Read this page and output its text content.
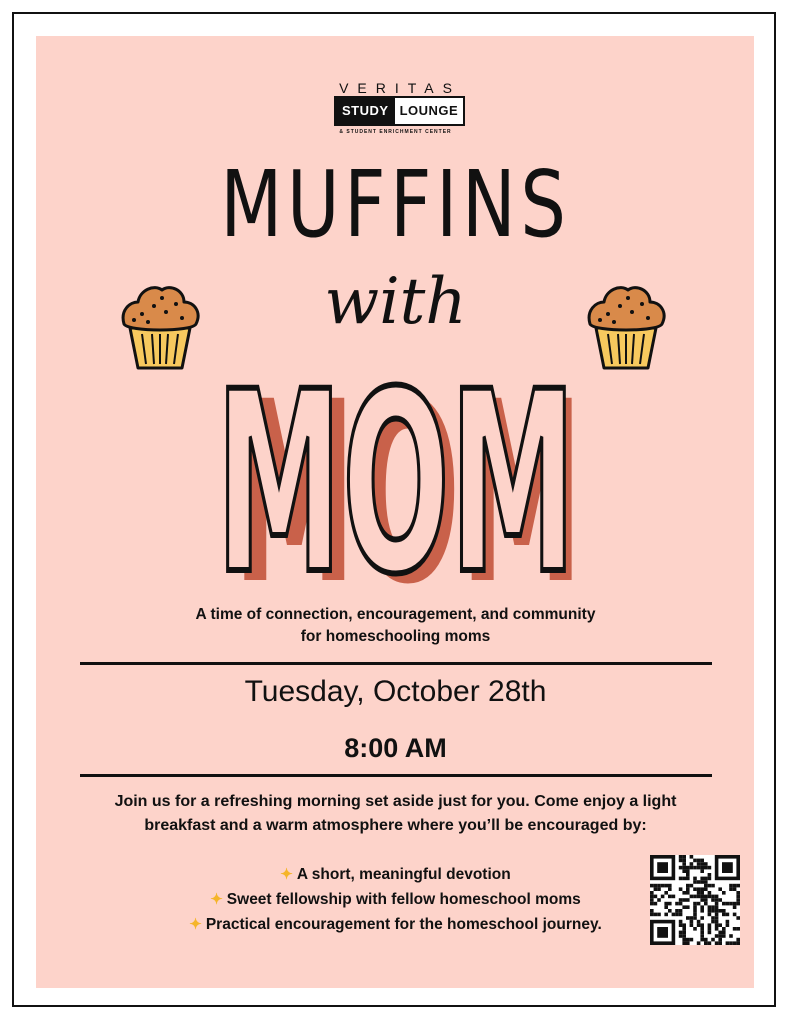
VERITAS
STUDY LOUNGE
& STUDENT ENRICHMENT CENTER
MUFFINS
with
MOM
MOM
A time of connection, encouragement, and community
for homeschooling moms
Tuesday, October 28th
8:00 AM
Join us for a refreshing morning set aside just for you. Come enjoy a light
breakfast and a warm atmosphere where you’ll be encouraged by:
✦ A short, meaningful devotion
✦ Sweet fellowship with fellow homeschool moms
✦ Practical encouragement for the homeschool journey.
